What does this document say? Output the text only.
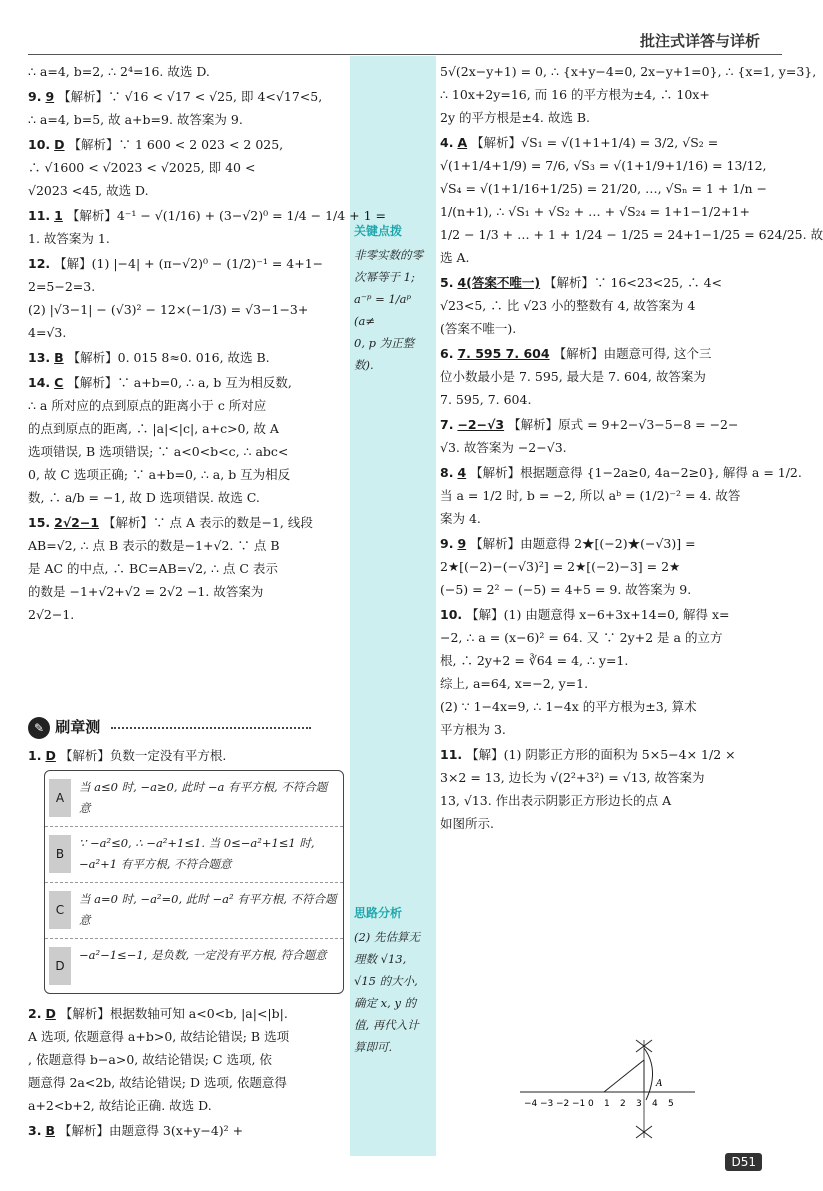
批注式详答与详析
关键点拨
非零实数的零
次幂等于 1;
a⁻ᵖ = 1/aᵖ (a≠
0, p 为正整
数).
思路分析
(2) 先估算无
理数 √13,
√15 的大小,
确定 x, y 的
值, 再代入计
算即可.
∴ a=4, b=2, ∴ 2⁴=16. 故选 D.
9. 9 【解析】∵ √16 < √17 < √25, 即 4<√17<5,
∴ a=4, b=5, 故 a+b=9. 故答案为 9.
10. D 【解析】∵ 1 600 < 2 023 < 2 025,
∴ √1600 < √2023 < √2025, 即 40 <
√2023 <45, 故选 D.
11. 1 【解析】4⁻¹ − √(1/16) + (3−√2)⁰ = 1/4 − 1/4 + 1 =
1. 故答案为 1.
12. 【解】(1) |−4| + (π−√2)⁰ − (1/2)⁻¹ = 4+1−
2=5−2=3.
(2) |√3−1| − (√3)² − 12×(−1/3) = √3−1−3+
4=√3.
13. B 【解析】0. 015 8≈0. 016, 故选 B.
14. C 【解析】∵ a+b=0, ∴ a, b 互为相反数,
∴ a 所对应的点到原点的距离小于 c 所对应
的点到原点的距离, ∴ |a|<|c|, a+c>0, 故 A
选项错误, B 选项错误; ∵ a<0<b<c, ∴ abc<
0, 故 C 选项正确; ∵ a+b=0, ∴ a, b 互为相反
数, ∴ a/b = −1, 故 D 选项错误. 故选 C.
15. 2√2−1 【解析】∵ 点 A 表示的数是−1, 线段
AB=√2, ∴ 点 B 表示的数是−1+√2. ∵ 点 B
是 AC 的中点, ∴ BC=AB=√2, ∴ 点 C 表示
的数是 −1+√2+√2 = 2√2 −1. 故答案为
2√2−1.
✎ 刷章测
1. D 【解析】负数一定没有平方根.
A
当 a≤0 时, −a≥0, 此时 −a 有平方根, 不符合题意
B
∵ −a²≤0, ∴ −a²+1≤1. 当 0≤−a²+1≤1 时, −a²+1 有平方根, 不符合题意
C
当 a=0 时, −a²=0, 此时 −a² 有平方根, 不符合题意
D
−a²−1≤−1, 是负数, 一定没有平方根, 符合题意
2. D 【解析】根据数轴可知 a<0<b, |a|<|b|.
A 选项, 依题意得 a+b>0, 故结论错误; B 选项
, 依题意得 b−a>0, 故结论错误; C 选项, 依
题意得 2a<2b, 故结论错误; D 选项, 依题意得
a+2<b+2, 故结论正确. 故选 D.
3. B 【解析】由题意得 3(x+y−4)² +
5√(2x−y+1) = 0, ∴ {x+y−4=0, 2x−y+1=0}, ∴ {x=1, y=3},
∴ 10x+2y=16, 而 16 的平方根为±4, ∴ 10x+
2y 的平方根是±4. 故选 B.
4. A 【解析】√S₁ = √(1+1+1/4) = 3/2, √S₂ =
√(1+1/4+1/9) = 7/6, √S₃ = √(1+1/9+1/16) = 13/12,
√S₄ = √(1+1/16+1/25) = 21/20, …, √Sₙ = 1 + 1/n −
1/(n+1), ∴ √S₁ + √S₂ + … + √S₂₄ = 1+1−1/2+1+
1/2 − 1/3 + … + 1 + 1/24 − 1/25 = 24+1−1/25 = 624/25. 故
选 A.
5. 4(答案不唯一) 【解析】∵ 16<23<25, ∴ 4<
√23<5, ∴ 比 √23 小的整数有 4, 故答案为 4
(答案不唯一).
6. 7. 595 7. 604 【解析】由题意可得, 这个三
位小数最小是 7. 595, 最大是 7. 604, 故答案为
7. 595, 7. 604.
7. −2−√3 【解析】原式 = 9+2−√3−5−8 = −2−
√3. 故答案为 −2−√3.
8. 4 【解析】根据题意得 {1−2a≥0, 4a−2≥0}, 解得 a = 1/2.
当 a = 1/2 时, b = −2, 所以 aᵇ = (1/2)⁻² = 4. 故答
案为 4.
9. 9 【解析】由题意得 2★[(−2)★(−√3)] =
2★[(−2)−(−√3)²] = 2★[(−2)−3] = 2★
(−5) = 2² − (−5) = 4+5 = 9. 故答案为 9.
10. 【解】(1) 由题意得 x−6+3x+14=0, 解得 x=
−2, ∴ a = (x−6)² = 64. 又 ∵ 2y+2 是 a 的立方
根, ∴ 2y+2 = ∛64 = 4, ∴ y=1.
综上, a=64, x=−2, y=1.
(2) ∵ 1−4x=9, ∴ 1−4x 的平方根为±3, 算术
平方根为 3.
11. 【解】(1) 阴影正方形的面积为 5×5−4× 1/2 ×
3×2 = 13, 边长为 √(2²+3²) = √13, 故答案为
13, √13. 作出表示阴影正方形边长的点 A
如图所示.
−4 −3 −2 −1 0 1 2 3 4 5
A
D51
